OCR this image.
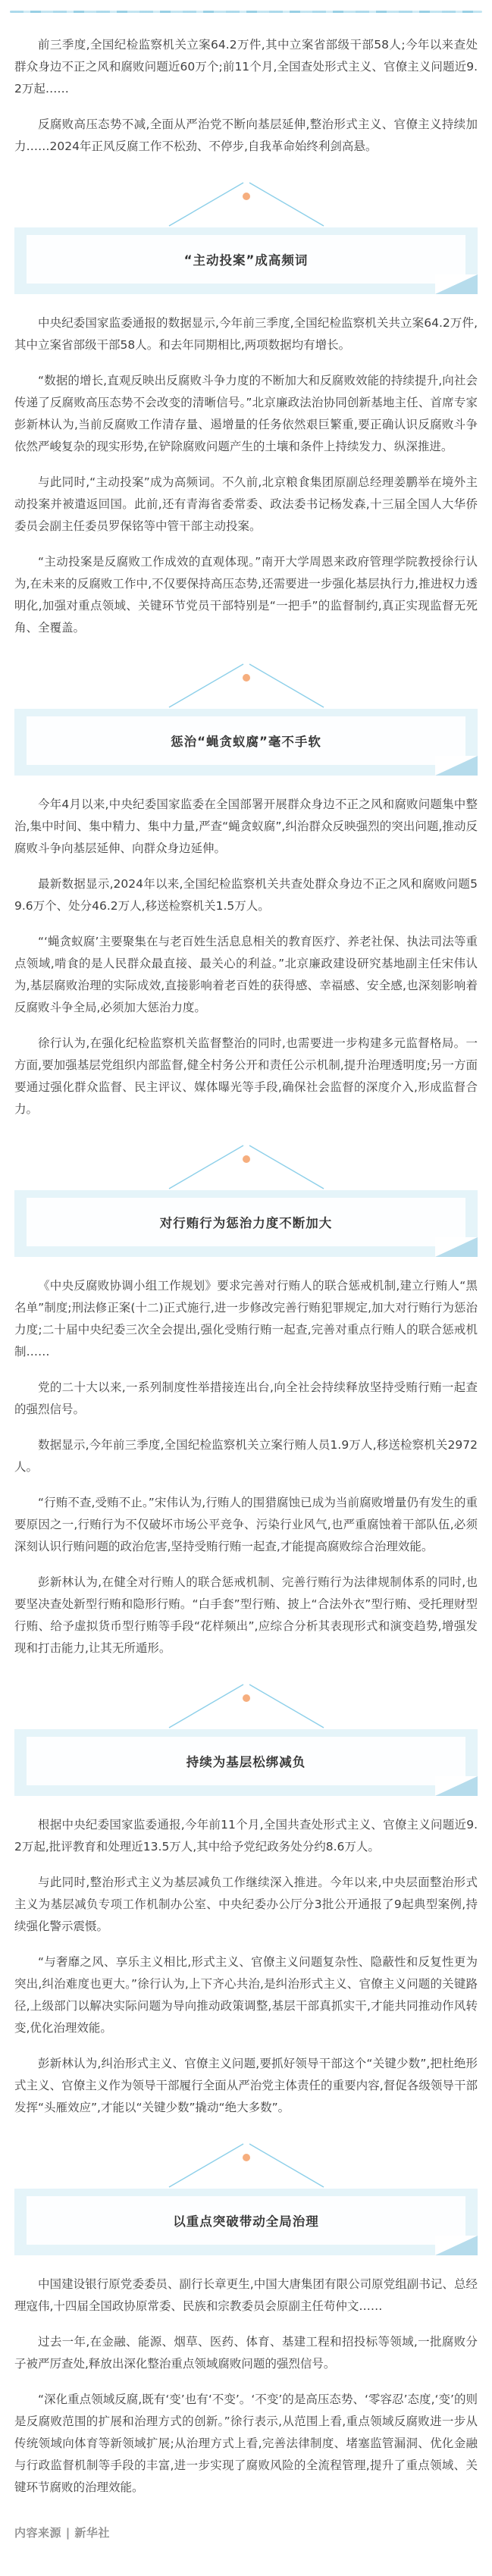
前三季度,全国纪检监察机关立案64.2万件,其中立案省部级干部58人;今年以来查处群众身边不正之风和腐败问题近60万个;前11个月,全国查处形式主义、官僚主义问题近9.2万起……

反腐败高压态势不减,全面从严治党不断向基层延伸,整治形式主义、官僚主义持续加力……2024年正风反腐工作不松劲、不停步,自我革命始终利剑高悬。

“主动投案”成高频词

中央纪委国家监委通报的数据显示,今年前三季度,全国纪检监察机关共立案64.2万件,其中立案省部级干部58人。和去年同期相比,两项数据均有增长。

“数据的增长,直观反映出反腐败斗争力度的不断加大和反腐败效能的持续提升,向社会传递了反腐败高压态势不会改变的清晰信号。”北京廉政法治协同创新基地主任、首席专家彭新林认为,当前反腐败工作清存量、遏增量的任务依然艰巨繁重,要正确认识反腐败斗争依然严峻复杂的现实形势,在铲除腐败问题产生的土壤和条件上持续发力、纵深推进。

与此同时,“主动投案”成为高频词。不久前,北京粮食集团原副总经理姜鹏举在境外主动投案并被遣返回国。此前,还有青海省委常委、政法委书记杨发森,十三届全国人大华侨委员会副主任委员罗保铭等中管干部主动投案。

“主动投案是反腐败工作成效的直观体现。”南开大学周恩来政府管理学院教授徐行认为,在未来的反腐败工作中,不仅要保持高压态势,还需要进一步强化基层执行力,推进权力透明化,加强对重点领域、关键环节党员干部特别是“一把手”的监督制约,真正实现监督无死角、全覆盖。

惩治“蝇贪蚁腐”毫不手软

今年4月以来,中央纪委国家监委在全国部署开展群众身边不正之风和腐败问题集中整治,集中时间、集中精力、集中力量,严查“蝇贪蚁腐”,纠治群众反映强烈的突出问题,推动反腐败斗争向基层延伸、向群众身边延伸。

最新数据显示,2024年以来,全国纪检监察机关共查处群众身边不正之风和腐败问题59.6万个、处分46.2万人,移送检察机关1.5万人。

“‘蝇贪蚁腐’主要聚集在与老百姓生活息息相关的教育医疗、养老社保、执法司法等重点领域,啃食的是人民群众最直接、最关心的利益。”北京廉政建设研究基地副主任宋伟认为,基层腐败治理的实际成效,直接影响着老百姓的获得感、幸福感、安全感,也深刻影响着反腐败斗争全局,必须加大惩治力度。

徐行认为,在强化纪检监察机关监督整治的同时,也需要进一步构建多元监督格局。一方面,要加强基层党组织内部监督,健全村务公开和责任公示机制,提升治理透明度;另一方面要通过强化群众监督、民主评议、媒体曝光等手段,确保社会监督的深度介入,形成监督合力。

对行贿行为惩治力度不断加大

《中央反腐败协调小组工作规划》要求完善对行贿人的联合惩戒机制,建立行贿人“黑名单”制度;刑法修正案(十二)正式施行,进一步修改完善行贿犯罪规定,加大对行贿行为惩治力度;二十届中央纪委三次全会提出,强化受贿行贿一起查,完善对重点行贿人的联合惩戒机制……

党的二十大以来,一系列制度性举措接连出台,向全社会持续释放坚持受贿行贿一起查的强烈信号。

数据显示,今年前三季度,全国纪检监察机关立案行贿人员1.9万人,移送检察机关2972人。

“行贿不查,受贿不止。”宋伟认为,行贿人的围猎腐蚀已成为当前腐败增量仍有发生的重要原因之一,行贿行为不仅破坏市场公平竞争、污染行业风气,也严重腐蚀着干部队伍,必须深刻认识行贿问题的政治危害,坚持受贿行贿一起查,才能提高腐败综合治理效能。

彭新林认为,在健全对行贿人的联合惩戒机制、完善行贿行为法律规制体系的同时,也要坚决查处新型行贿和隐形行贿。“白手套”型行贿、披上“合法外衣”型行贿、受托理财型行贿、给予虚拟货币型行贿等手段“花样频出”,应综合分析其表现形式和演变趋势,增强发现和打击能力,让其无所遁形。

持续为基层松绑减负

根据中央纪委国家监委通报,今年前11个月,全国共查处形式主义、官僚主义问题近9.2万起,批评教育和处理近13.5万人,其中给予党纪政务处分约8.6万人。

与此同时,整治形式主义为基层减负工作继续深入推进。今年以来,中央层面整治形式主义为基层减负专项工作机制办公室、中央纪委办公厅分3批公开通报了9起典型案例,持续强化警示震慑。

“与奢靡之风、享乐主义相比,形式主义、官僚主义问题复杂性、隐蔽性和反复性更为突出,纠治难度也更大。”徐行认为,上下齐心共治,是纠治形式主义、官僚主义问题的关键路径,上级部门以解决实际问题为导向推动政策调整,基层干部真抓实干,才能共同推动作风转变,优化治理效能。

彭新林认为,纠治形式主义、官僚主义问题,要抓好领导干部这个“关键少数”,把杜绝形式主义、官僚主义作为领导干部履行全面从严治党主体责任的重要内容,督促各级领导干部发挥“头雁效应”,才能以“关键少数”撬动“绝大多数”。

以重点突破带动全局治理

中国建设银行原党委委员、副行长章更生,中国大唐集团有限公司原党组副书记、总经理寇伟,十四届全国政协原常委、民族和宗教委员会原副主任苟仲文……

过去一年,在金融、能源、烟草、医药、体育、基建工程和招投标等领域,一批腐败分子被严厉查处,释放出深化整治重点领域腐败问题的强烈信号。

“深化重点领域反腐,既有‘变’也有‘不变’。‘不变’的是高压态势、‘零容忍’态度,‘变’的则是反腐败范围的扩展和治理方式的创新。”徐行表示,从范围上看,重点领域反腐败进一步从传统领域向体育等新领域扩展;从治理方式上看,完善法律制度、堵塞监管漏洞、优化金融与行政监督机制等手段的丰富,进一步实现了腐败风险的全流程管理,提升了重点领域、关键环节腐败的治理效能。

内容来源 | 新华社
